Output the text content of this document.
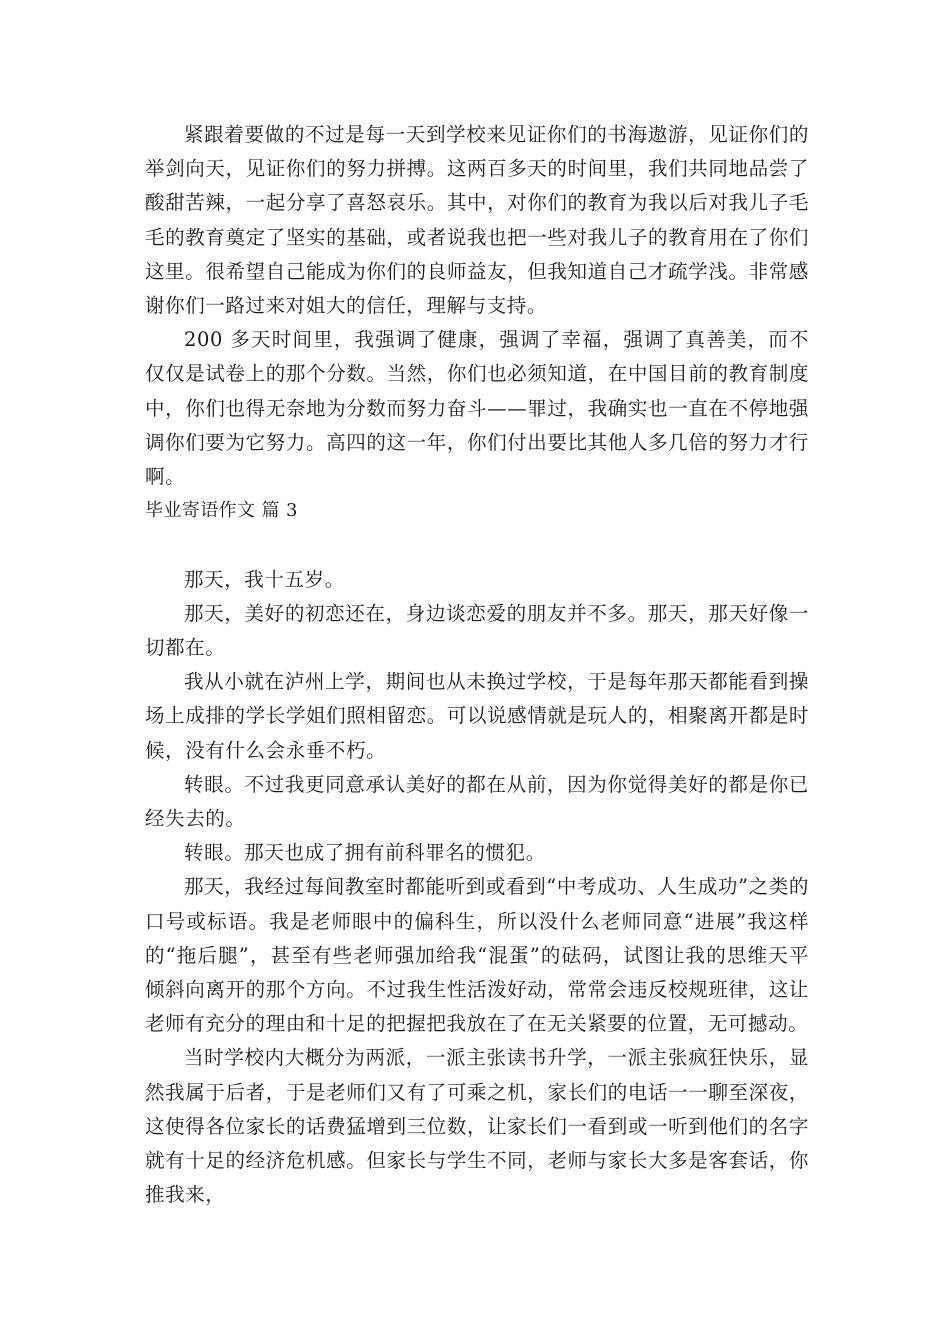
紧跟着要做的不过是每一天到学校来见证你们的书海遨游，见证你们的举剑向天，见证你们的努力拼搏。这两百多天的时间里，我们共同地品尝了酸甜苦辣，一起分享了喜怒哀乐。其中，对你们的教育为我以后对我儿子毛毛的教育奠定了坚实的基础，或者说我也把一些对我儿子的教育用在了你们这里。很希望自己能成为你们的良师益友，但我知道自己才疏学浅。非常感谢你们一路过来对姐大的信任，理解与支持。

200 多天时间里，我强调了健康，强调了幸福，强调了真善美，而不仅仅是试卷上的那个分数。当然，你们也必须知道，在中国目前的教育制度中，你们也得无奈地为分数而努力奋斗——罪过，我确实也一直在不停地强调你们要为它努力。高四的这一年，你们付出要比其他人多几倍的努力才行啊。

毕业寄语作文 篇 3

那天，我十五岁。

那天，美好的初恋还在，身边谈恋爱的朋友并不多。那天，那天好像一切都在。

我从小就在泸州上学，期间也从未换过学校，于是每年那天都能看到操场上成排的学长学姐们照相留恋。可以说感情就是玩人的，相聚离开都是时候，没有什么会永垂不朽。

转眼。不过我更同意承认美好的都在从前，因为你觉得美好的都是你已经失去的。

转眼。那天也成了拥有前科罪名的惯犯。

那天，我经过每间教室时都能听到或看到“中考成功、人生成功”之类的口号或标语。我是老师眼中的偏科生，所以没什么老师同意“进展”我这样的“拖后腿”，甚至有些老师强加给我“混蛋”的砝码，试图让我的思维天平倾斜向离开的那个方向。不过我生性活泼好动，常常会违反校规班律，这让老师有充分的理由和十足的把握把我放在了在无关紧要的位置，无可撼动。

当时学校内大概分为两派，一派主张读书升学，一派主张疯狂快乐，显然我属于后者，于是老师们又有了可乘之机，家长们的电话一一聊至深夜，这使得各位家长的话费猛增到三位数，让家长们一看到或一听到他们的名字就有十足的经济危机感。但家长与学生不同，老师与家长大多是客套话，你推我来，
